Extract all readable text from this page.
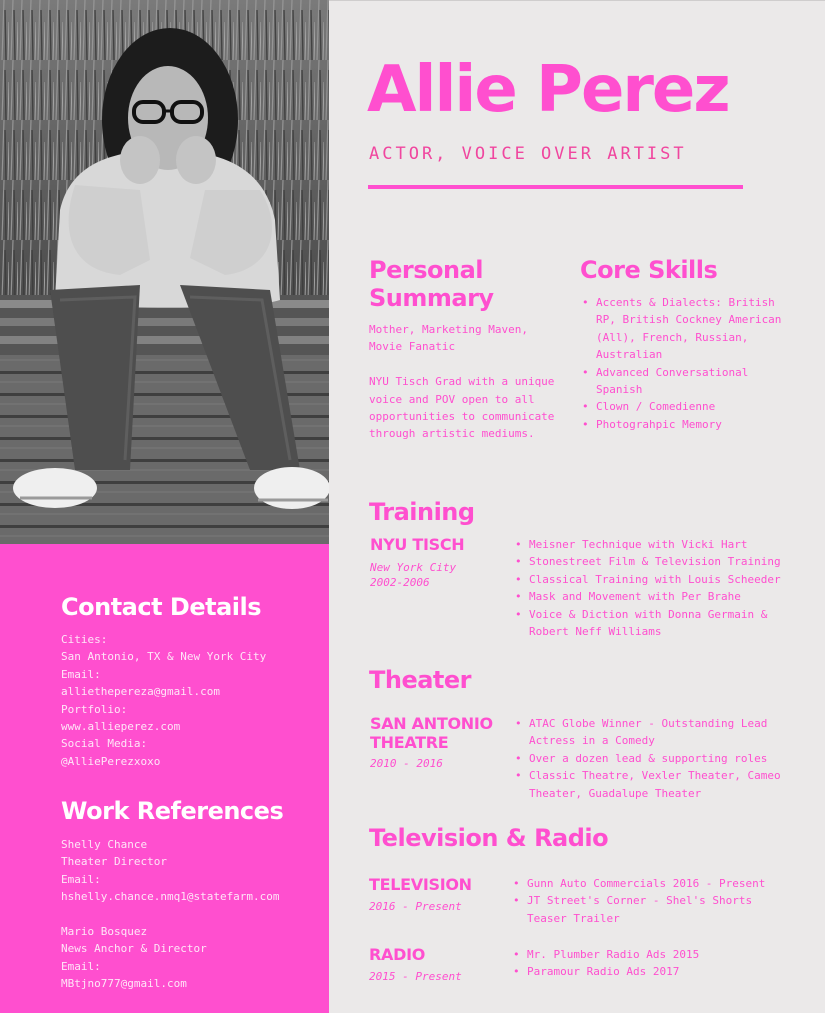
Contact Details
Cities:
San Antonio, TX & New York City
Email:
alliethepereza@gmail.com
Portfolio:
www.allieperez.com
Social Media:
@AlliePerezxoxo
Work References
Shelly Chance
Theater Director
Email:
hshelly.chance.nmq1@statefarm.com

Mario Bosquez
News Anchor & Director
Email:
MBtjno777@gmail.com
Allie Perez
ACTOR, VOICE OVER ARTIST
Personal
Summary
Mother, Marketing Maven,
Movie Fanatic

NYU Tisch Grad with a unique
voice and POV open to all
opportunities to communicate
through artistic mediums.
Core Skills
• Accents & Dialects: British
RP, British Cockney American
(All), French, Russian,
Australian
• Advanced Conversational
Spanish
• Clown / Comedienne
• Photograhpic Memory
Training
NYU TISCH
New York City
2002-2006
• Meisner Technique with Vicki Hart
• Stonestreet Film & Television Training
• Classical Training with Louis Scheeder
• Mask and Movement with Per Brahe
• Voice & Diction with Donna Germain &
Robert Neff Williams
Theater
SAN ANTONIO
THEATRE
2010 - 2016
• ATAC Globe Winner - Outstanding Lead
Actress in a Comedy
• Over a dozen lead & supporting roles
• Classic Theatre, Vexler Theater, Cameo
Theater, Guadalupe Theater
Television & Radio
TELEVISION
2016 - Present
• Gunn Auto Commercials 2016 - Present
• JT Street's Corner - Shel's Shorts
Teaser Trailer
RADIO
2015 - Present
• Mr. Plumber Radio Ads 2015
• Paramour Radio Ads 2017
